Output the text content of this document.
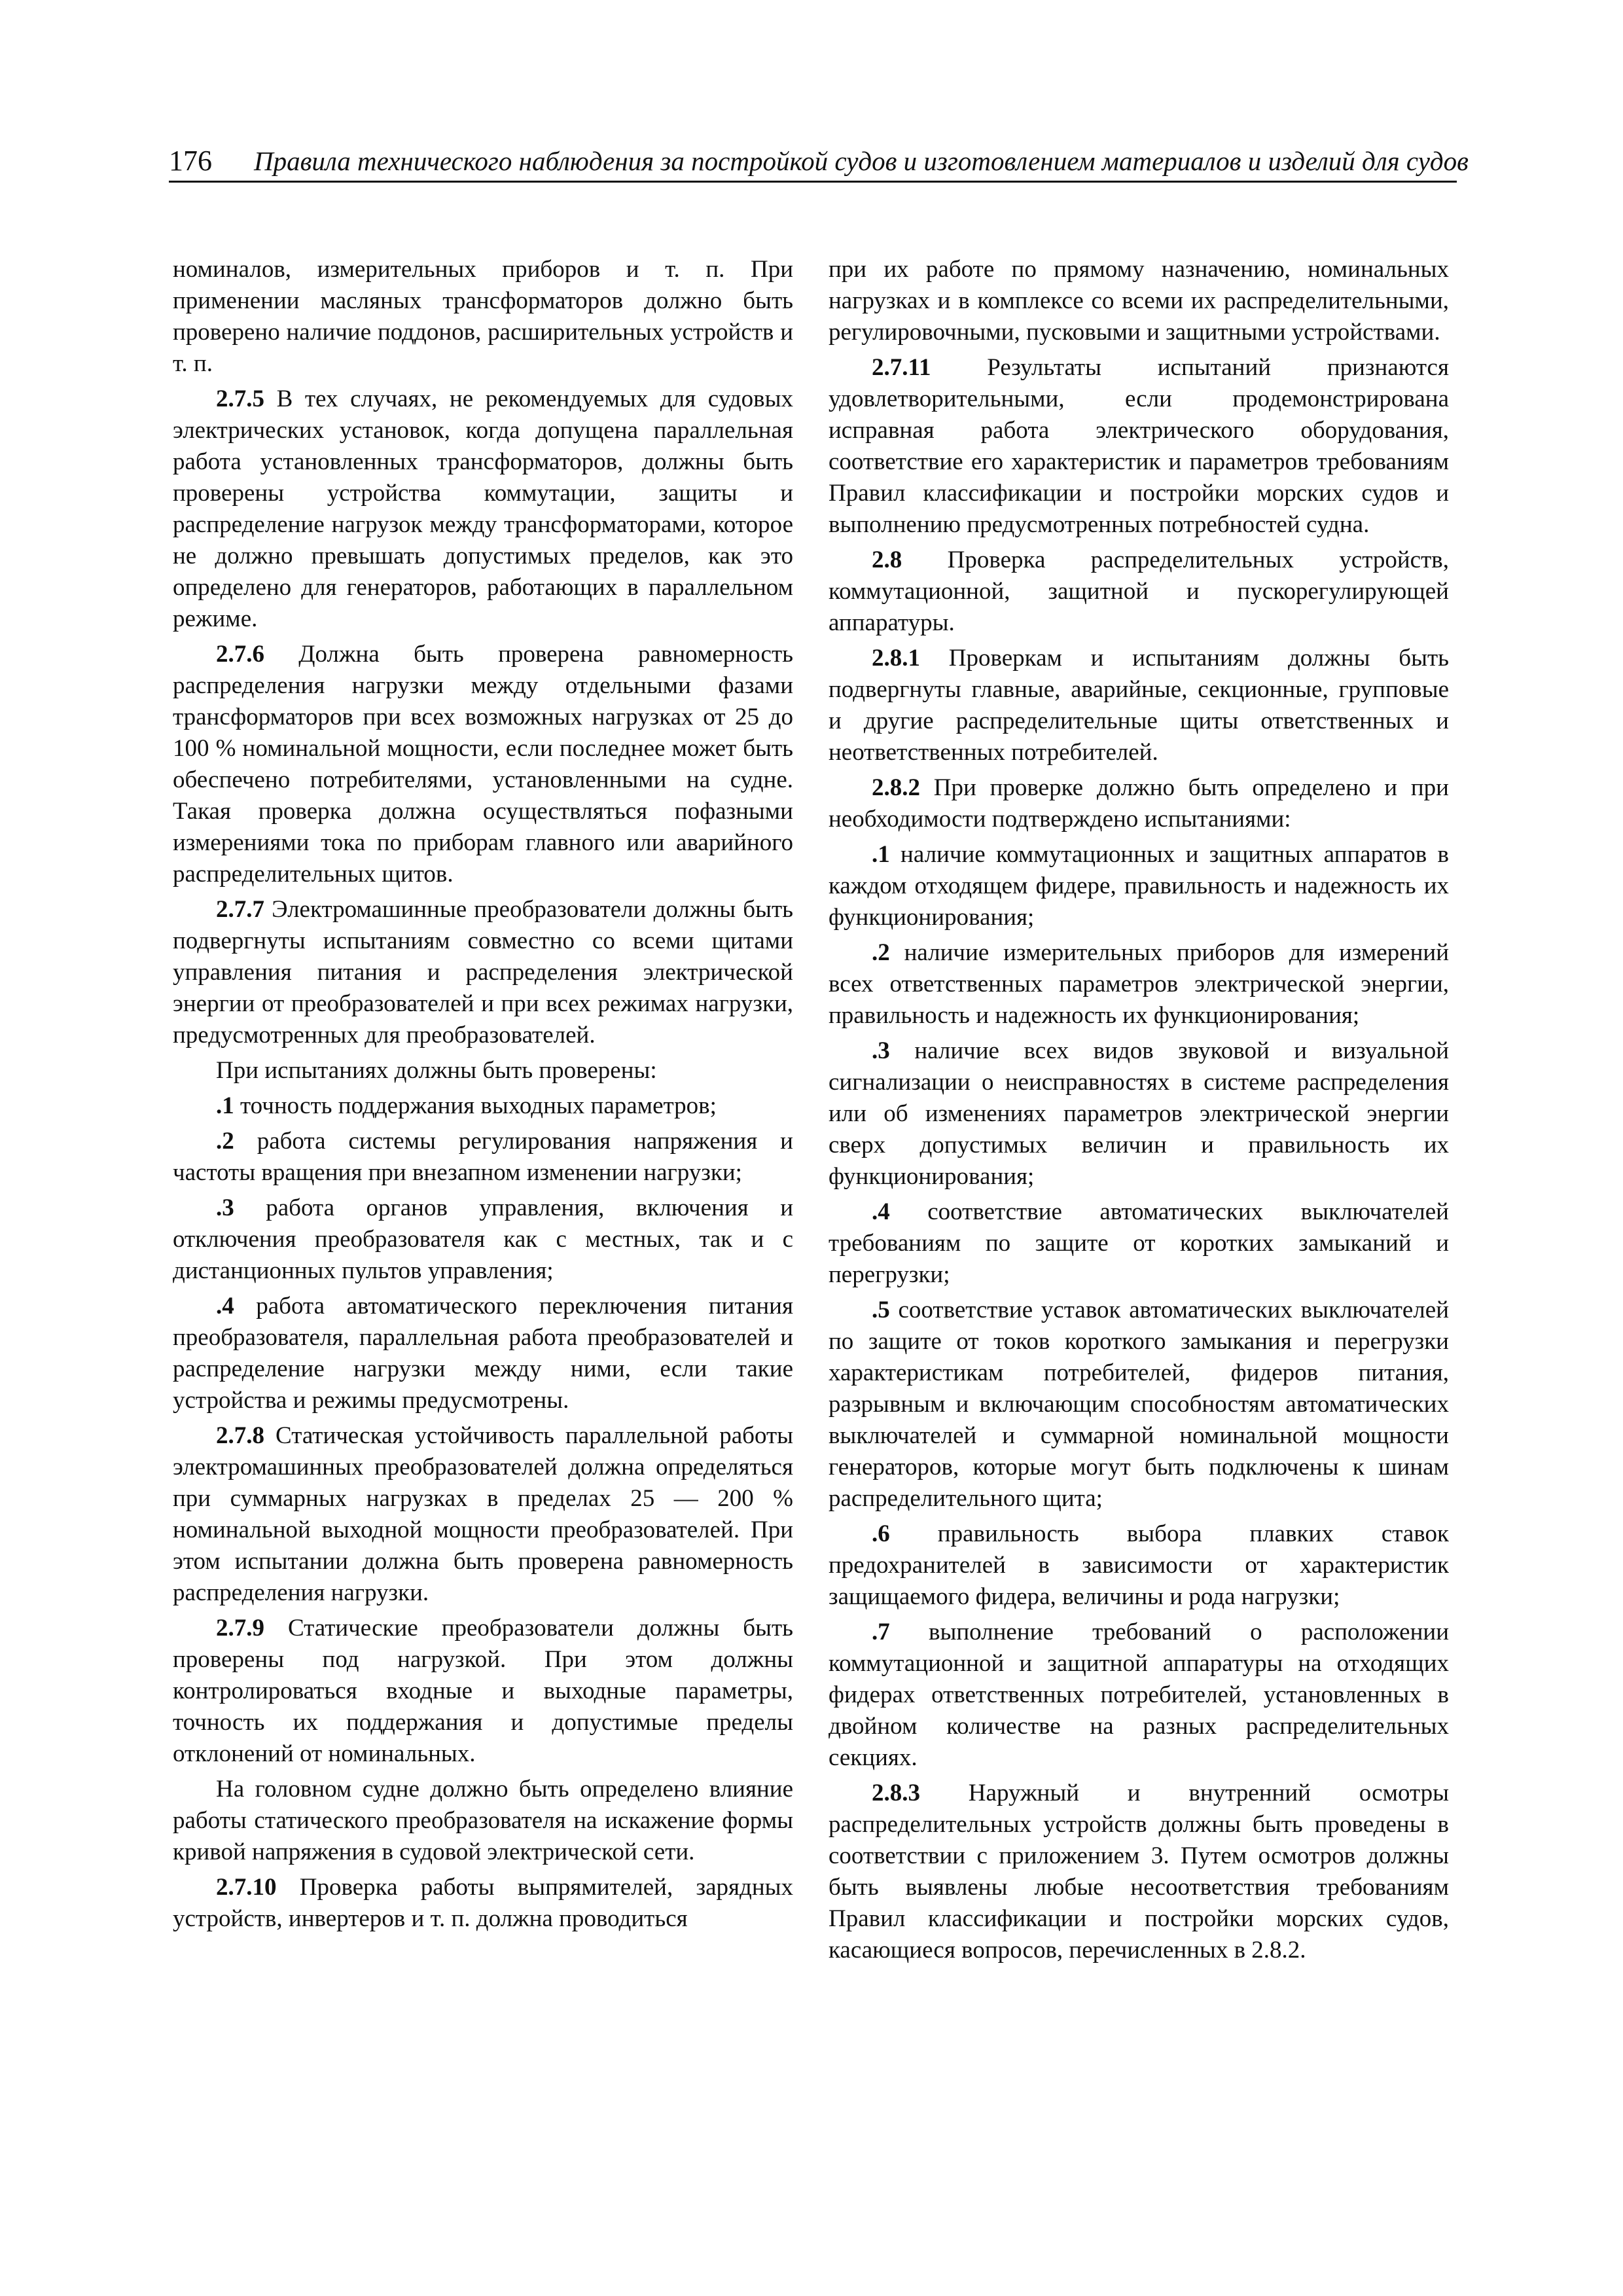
176 Правила технического наблюдения за постройкой судов и изготовлением материалов и изделий для судов

номиналов, измерительных приборов и т. п. При применении масляных трансформаторов должно быть проверено наличие поддонов, расширительных устройств и т. п.

2.7.5 В тех случаях, не рекомендуемых для судовых электрических установок, когда допущена параллельная работа установленных трансформаторов, должны быть проверены устройства коммутации, защиты и распределение нагрузок между трансформаторами, которое не должно превышать допустимых пределов, как это определено для генераторов, работающих в параллельном режиме.

2.7.6 Должна быть проверена равномерность распределения нагрузки между отдельными фазами трансформаторов при всех возможных нагрузках от 25 до 100 % номинальной мощности, если последнее может быть обеспечено потребителями, установленными на судне. Такая проверка должна осуществляться пофазными измерениями тока по приборам главного или аварийного распределительных щитов.

2.7.7 Электромашинные преобразователи должны быть подвергнуты испытаниям совместно со всеми щитами управления питания и распределения электрической энергии от преобразователей и при всех режимах нагрузки, предусмотренных для преобразователей.

При испытаниях должны быть проверены:

.1 точность поддержания выходных параметров;

.2 работа системы регулирования напряжения и частоты вращения при внезапном изменении нагрузки;

.3 работа органов управления, включения и отключения преобразователя как с местных, так и с дистанционных пультов управления;

.4 работа автоматического переключения питания преобразователя, параллельная работа преобразователей и распределение нагрузки между ними, если такие устройства и режимы предусмотрены.

2.7.8 Статическая устойчивость параллельной работы электромашинных преобразователей должна определяться при суммарных нагрузках в пределах 25 — 200 % номинальной выходной мощности преобразователей. При этом испытании должна быть проверена равномерность распределения нагрузки.

2.7.9 Статические преобразователи должны быть проверены под нагрузкой. При этом должны контролироваться входные и выходные параметры, точность их поддержания и допустимые пределы отклонений от номинальных.

На головном судне должно быть определено влияние работы статического преобразователя на искажение формы кривой напряжения в судовой электрической сети.

2.7.10 Проверка работы выпрямителей, зарядных устройств, инвертеров и т. п. должна проводиться

при их работе по прямому назначению, номинальных нагрузках и в комплексе со всеми их распределительными, регулировочными, пусковыми и защитными устройствами.

2.7.11 Результаты испытаний признаются удовлетворительными, если продемонстрирована исправная работа электрического оборудования, соответствие его характеристик и параметров требованиям Правил классификации и постройки морских судов и выполнению предусмотренных потребностей судна.

2.8 Проверка распределительных устройств, коммутационной, защитной и пускорегулирующей аппаратуры.

2.8.1 Проверкам и испытаниям должны быть подвергнуты главные, аварийные, секционные, групповые и другие распределительные щиты ответственных и неответственных потребителей.

2.8.2 При проверке должно быть определено и при необходимости подтверждено испытаниями:

.1 наличие коммутационных и защитных аппаратов в каждом отходящем фидере, правильность и надежность их функционирования;

.2 наличие измерительных приборов для измерений всех ответственных параметров электрической энергии, правильность и надежность их функционирования;

.3 наличие всех видов звуковой и визуальной сигнализации о неисправностях в системе распределения или об изменениях параметров электрической энергии сверх допустимых величин и правильность их функционирования;

.4 соответствие автоматических выключателей требованиям по защите от коротких замыканий и перегрузки;

.5 соответствие уставок автоматических выключателей по защите от токов короткого замыкания и перегрузки характеристикам потребителей, фидеров питания, разрывным и включающим способностям автоматических выключателей и суммарной номинальной мощности генераторов, которые могут быть подключены к шинам распределительного щита;

.6 правильность выбора плавких ставок предохранителей в зависимости от характеристик защищаемого фидера, величины и рода нагрузки;

.7 выполнение требований о расположении коммутационной и защитной аппаратуры на отходящих фидерах ответственных потребителей, установленных в двойном количестве на разных распределительных секциях.

2.8.3 Наружный и внутренний осмотры распределительных устройств должны быть проведены в соответствии с приложением 3. Путем осмотров должны быть выявлены любые несоответствия требованиям Правил классификации и постройки морских судов, касающиеся вопросов, перечисленных в 2.8.2.
